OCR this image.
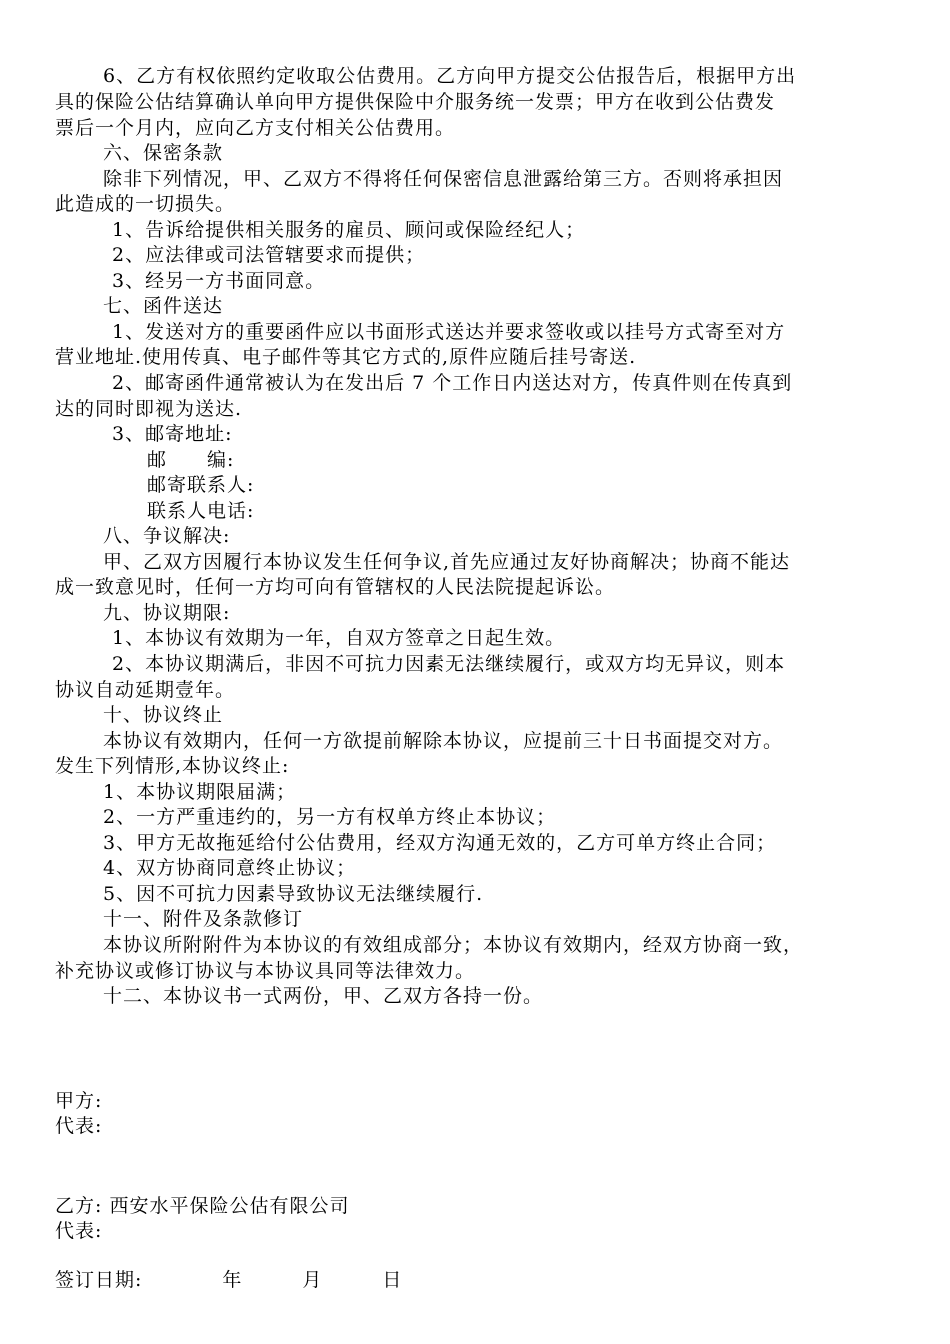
6、乙方有权依照约定收取公估费用。乙方向甲方提交公估报告后，根据甲方出
具的保险公估结算确认单向甲方提供保险中介服务统一发票；甲方在收到公估费发
票后一个月内，应向乙方支付相关公估费用。
六、保密条款
除非下列情况，甲、乙双方不得将任何保密信息泄露给第三方。否则将承担因
此造成的一切损失。
1、告诉给提供相关服务的雇员、顾问或保险经纪人；
2、应法律或司法管辖要求而提供；
3、经另一方书面同意。
七、函件送达
1、发送对方的重要函件应以书面形式送达并要求签收或以挂号方式寄至对方
营业地址.使用传真、电子邮件等其它方式的,原件应随后挂号寄送.
2、邮寄函件通常被认为在发出后 7 个工作日内送达对方，传真件则在传真到
达的同时即视为送达.
3、邮寄地址:
邮　　编:
邮寄联系人:
联系人电话:
八、争议解决:
甲、乙双方因履行本协议发生任何争议,首先应通过友好协商解决；协商不能达
成一致意见时，任何一方均可向有管辖权的人民法院提起诉讼。
九、协议期限:
1、本协议有效期为一年，自双方签章之日起生效。
2、本协议期满后，非因不可抗力因素无法继续履行，或双方均无异议，则本
协议自动延期壹年。
十、协议终止
本协议有效期内，任何一方欲提前解除本协议，应提前三十日书面提交对方。
发生下列情形,本协议终止:
1、本协议期限届满；
2、一方严重违约的，另一方有权单方终止本协议；
3、甲方无故拖延给付公估费用，经双方沟通无效的，乙方可单方终止合同；
4、双方协商同意终止协议；
5、因不可抗力因素导致协议无法继续履行.
十一、附件及条款修订
本协议所附附件为本协议的有效组成部分；本协议有效期内，经双方协商一致，
补充协议或修订协议与本协议具同等法律效力。
十二、本协议书一式两份，甲、乙双方各持一份。
甲方:
代表:
乙方: 西安水平保险公估有限公司
代表:
签订日期:　　　　年　　　月　　　日
